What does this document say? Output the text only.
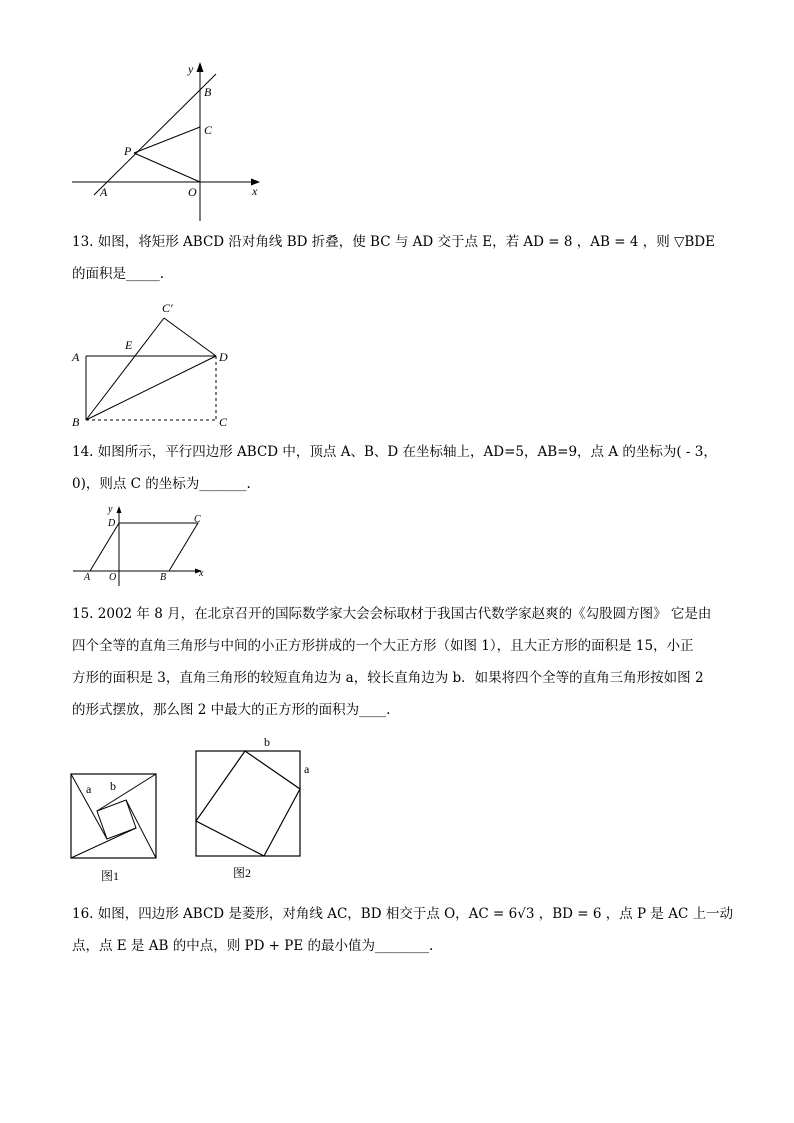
y
x
B
C
P
A	O
13. 如图，将矩形 ABCD 沿对角线 BD 折叠，使 BC 与 AD 交于点 E，若 AD = 8 ，AB = 4 ，则 ▽BDE
的面积是_____.
C′
A
E
D
B	C
14. 如图所示，平行四边形 ABCD 中，顶点 A、B、D 在坐标轴上，AD=5，AB=9，点 A 的坐标为( - 3，
0)，则点 C 的坐标为_______.
y
D	C
A O	B	x
15. 2002 年 8 月，在北京召开的国际数学家大会会标取材于我国古代数学家赵爽的《勾股圆方图》 它是由
四个全等的直角三角形与中间的小正方形拼成的一个大正方形（如图 1），且大正方形的面积是 15，小正
方形的面积是 3，直角三角形的较短直角边为 a，较长直角边为 b．如果将四个全等的直角三角形按如图 2
的形式摆放，那么图 2 中最大的正方形的面积为____.
a b
图1
b
a
图2
16. 如图，四边形 ABCD 是菱形，对角线 AC，BD 相交于点 O，AC = 6√3 ，BD = 6 ，点 P 是 AC 上一动
点，点 E 是 AB 的中点，则 PD + PE 的最小值为________.
